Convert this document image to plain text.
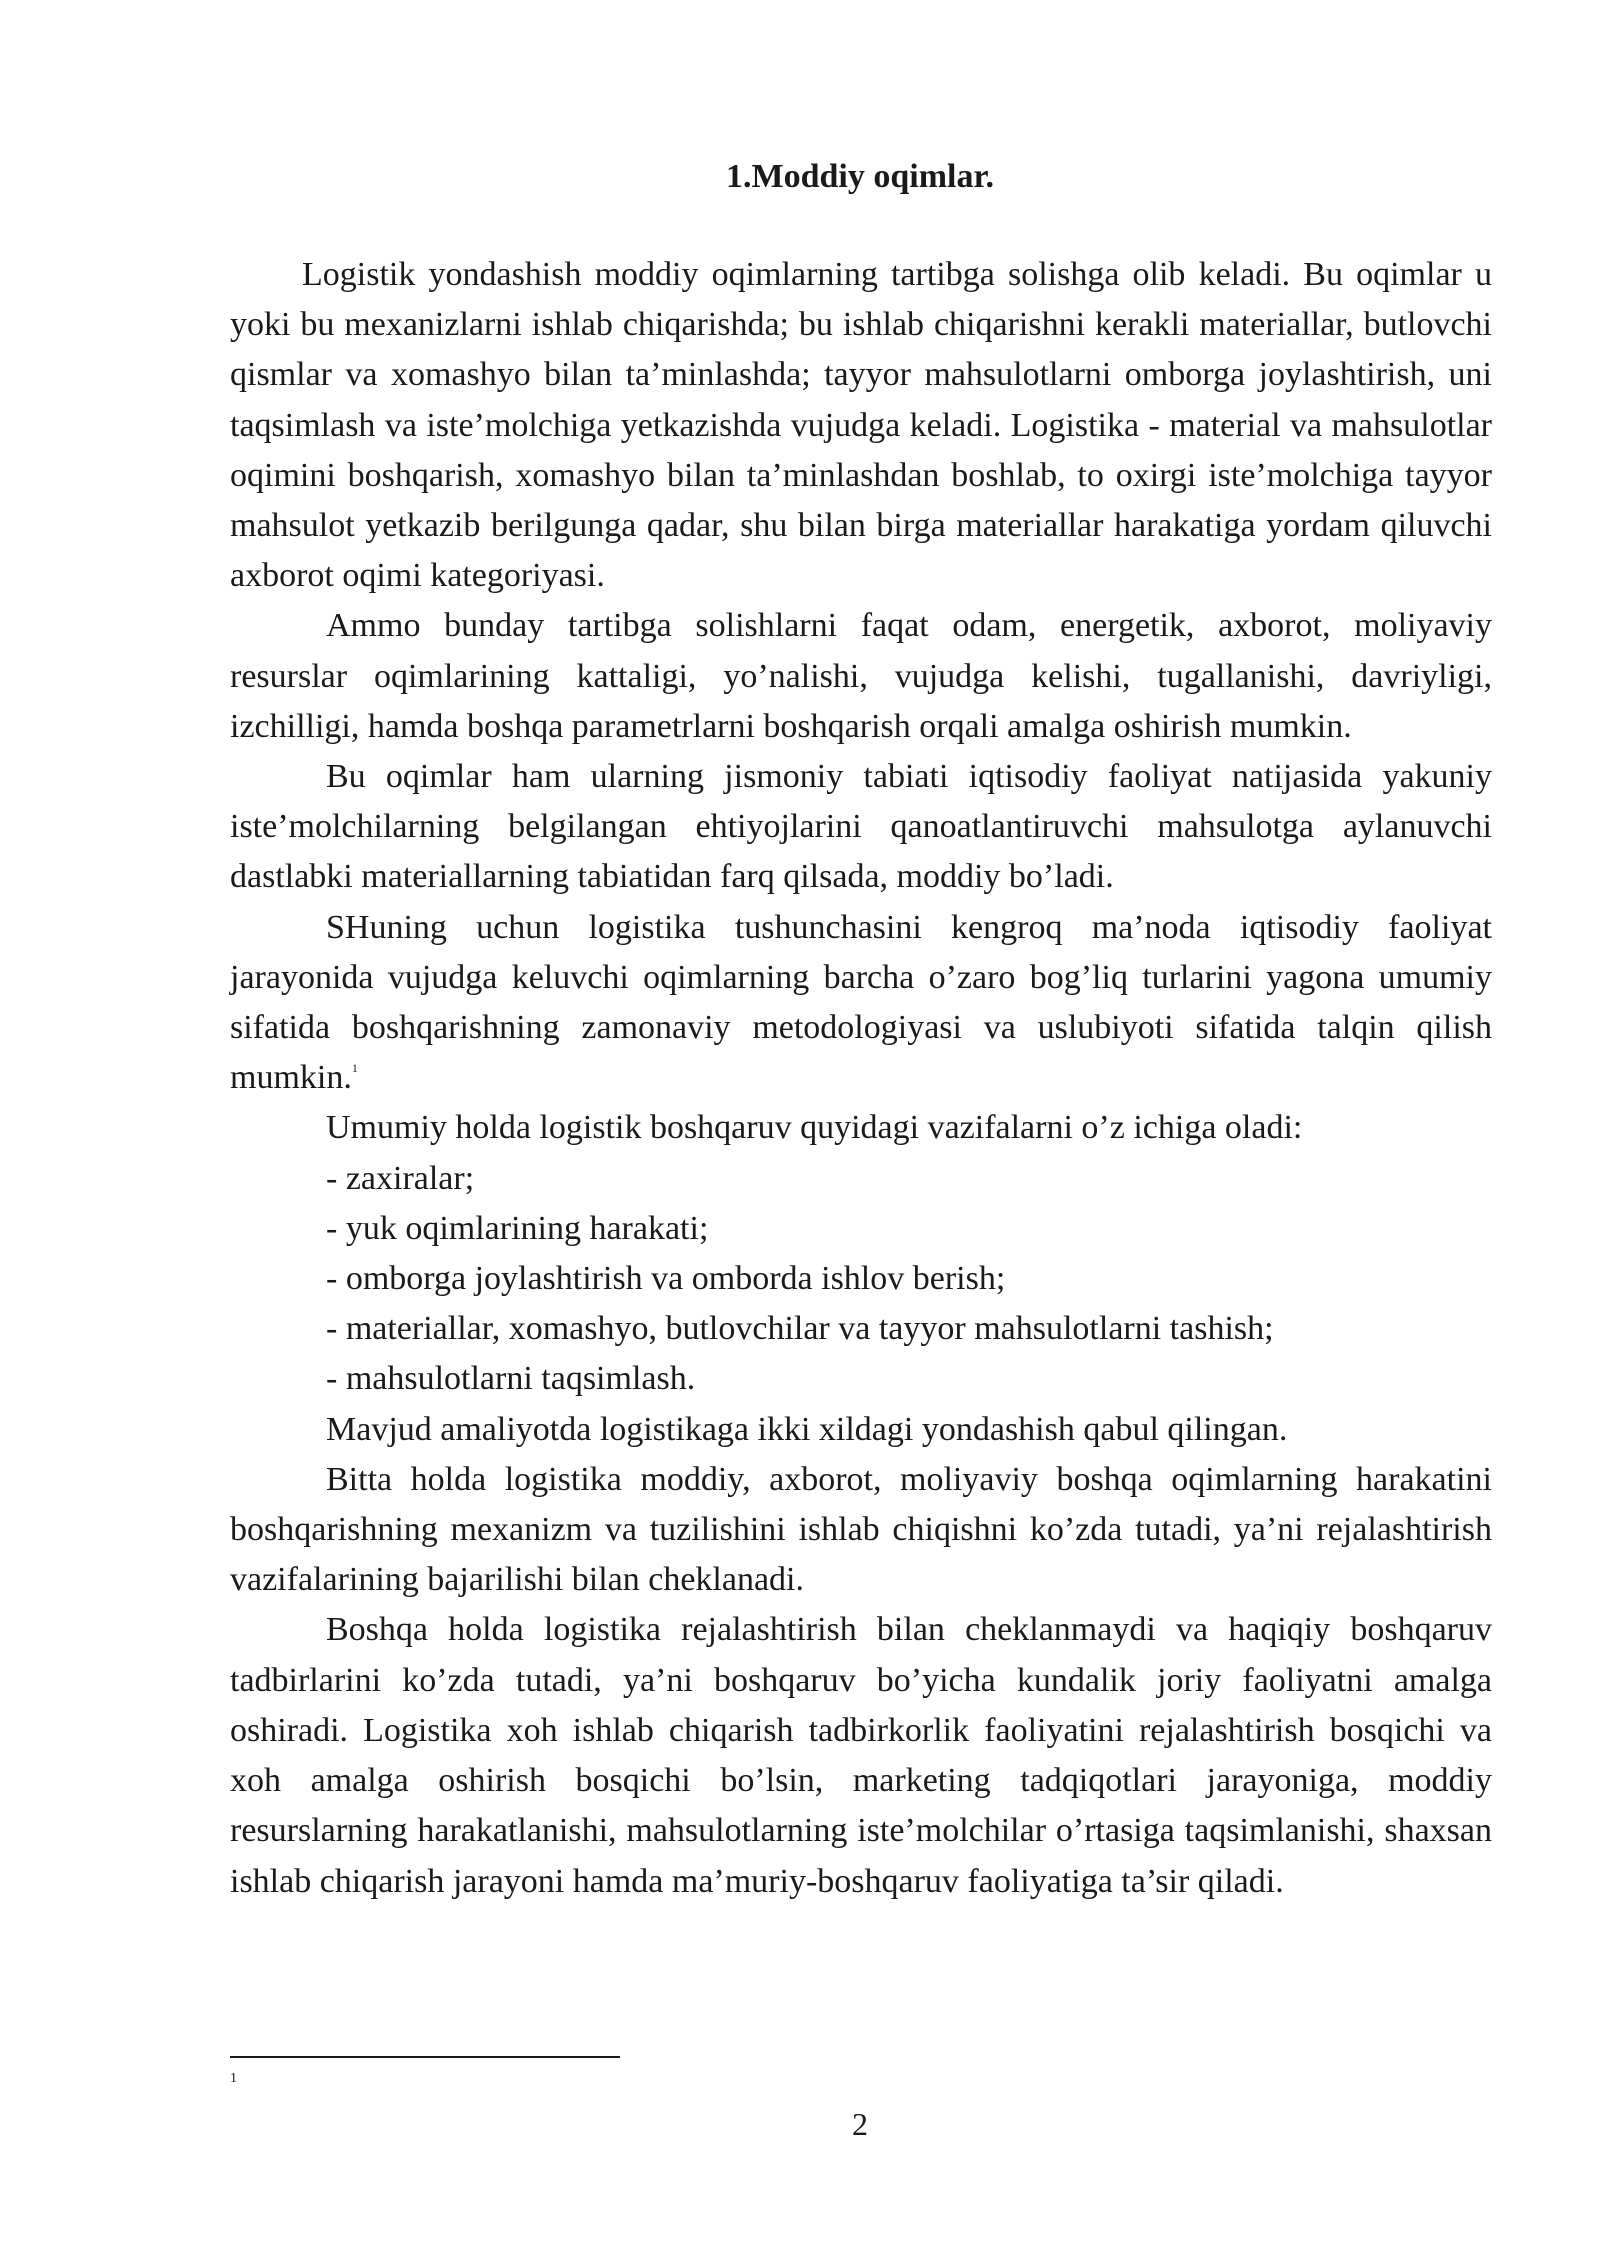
1.Moddiy oqimlar.

Logistik yondashish moddiy oqimlarning tartibga solishga olib keladi. Bu oqimlar u yoki bu mexanizlarni ishlab chiqarishda; bu ishlab chiqarishni kerakli materiallar, butlovchi qismlar va xomashyo bilan ta’minlashda; tayyor mahsulotlarni omborga joylashtirish, uni taqsimlash va iste’molchiga yetkazishda vujudga keladi. Logistika - material va mahsulotlar oqimini boshqarish, xomashyo bilan ta’minlashdan boshlab, to oxirgi iste’molchiga tayyor mahsulot yetkazib berilgunga qadar, shu bilan birga materiallar harakatiga yordam qiluvchi axborot oqimi kategoriyasi.

Ammo bunday tartibga solishlarni faqat odam, energetik, axborot, moliyaviy resurslar oqimlarining kattaligi, yo’nalishi, vujudga kelishi, tugallanishi, davriyligi, izchilligi, hamda boshqa parametrlarni boshqarish orqali amalga oshirish mumkin.

Bu oqimlar ham ularning jismoniy tabiati iqtisodiy faoliyat natijasida yakuniy iste’molchilarning belgilangan ehtiyojlarini qanoatlantiruvchi mahsulotga aylanuvchi dastlabki materiallarning tabiatidan farq qilsada, moddiy bo’ladi.

SHuning uchun logistika tushunchasini kengroq ma’noda iqtisodiy faoliyat jarayonida vujudga keluvchi oqimlarning barcha o’zaro bog’liq turlarini yagona umumiy sifatida boshqarishning zamonaviy metodologiyasi va uslubiyoti sifatida talqin qilish mumkin.$^1$

Umumiy holda logistik boshqaruv quyidagi vazifalarni o’z ichiga oladi:

- zaxiralar;

- yuk oqimlarining harakati;

- omborga joylashtirish va omborda ishlov berish;

- materiallar, xomashyo, butlovchilar va tayyor mahsulotlarni tashish;

- mahsulotlarni taqsimlash.

Mavjud amaliyotda logistikaga ikki xildagi yondashish qabul qilingan.

Bitta holda logistika moddiy, axborot, moliyaviy boshqa oqimlarning harakatini boshqarishning mexanizm va tuzilishini ishlab chiqishni ko’zda tutadi, ya’ni rejalashtirish vazifalarining bajarilishi bilan cheklanadi.

Boshqa holda logistika rejalashtirish bilan cheklanmaydi va haqiqiy boshqaruv tadbirlarini ko’zda tutadi, ya’ni boshqaruv bo’yicha kundalik joriy faoliyatni amalga oshiradi. Logistika xoh ishlab chiqarish tadbirkorlik faoliyatini rejalashtirish bosqichi va xoh amalga oshirish bosqichi bo’lsin, marketing tadqiqotlari jarayoniga, moddiy resurslarning harakatlanishi, mahsulotlarning iste’molchilar o’rtasiga taqsimlanishi, shaxsan ishlab chiqarish jarayoni hamda ma’muriy-boshqaruv faoliyatiga ta’sir qiladi.

1
2
